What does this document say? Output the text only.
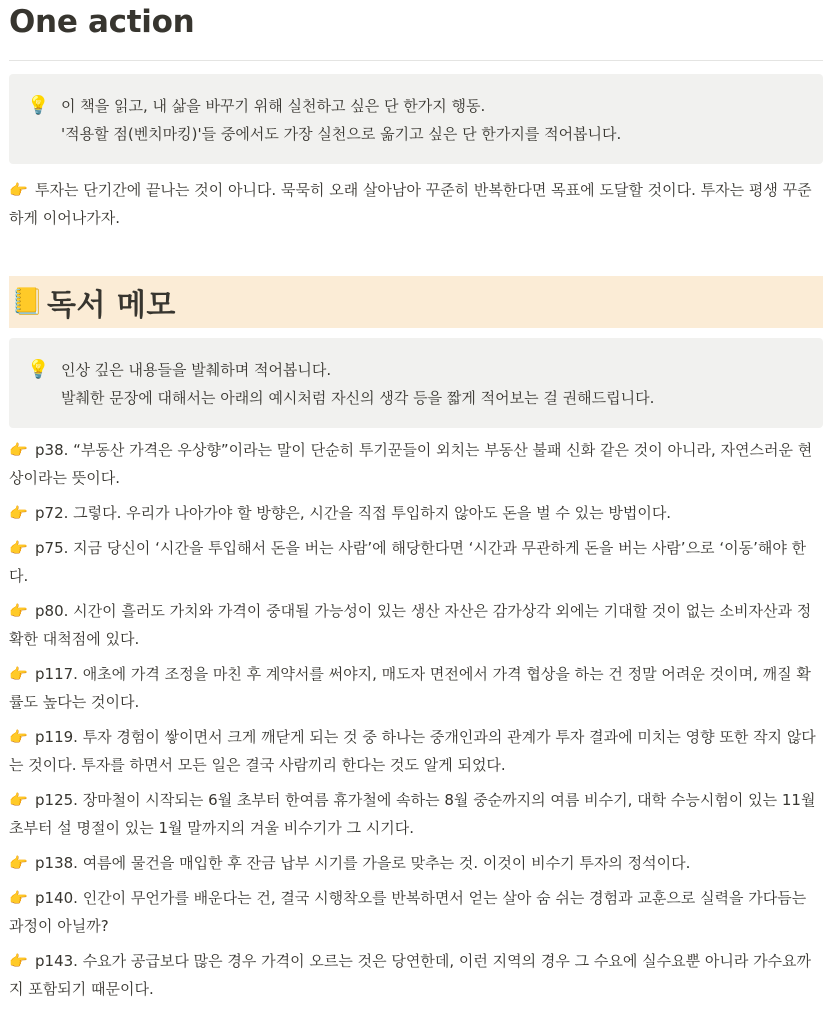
One action
💡 이 책을 읽고, 내 삶을 바꾸기 위해 실천하고 싶은 단 한가지 행동.
'적용할 점(벤치마킹)'들 중에서도 가장 실천으로 옮기고 싶은 단 한가지를 적어봅니다.
👉 투자는 단기간에 끝나는 것이 아니다. 묵묵히 오래 살아남아 꾸준히 반복한다면 목표에 도달할 것이다. 투자는 평생 꾸준하게 이어나가자.
📒 독서 메모
💡 인상 깊은 내용들을 발췌하며 적어봅니다.
발췌한 문장에 대해서는 아래의 예시처럼 자신의 생각 등을 짧게 적어보는 걸 권해드립니다.
👉 p38. “부동산 가격은 우상향”이라는 말이 단순히 투기꾼들이 외치는 부동산 불패 신화 같은 것이 아니라, 자연스러운 현상이라는 뜻이다.
👉 p72. 그렇다. 우리가 나아가야 할 방향은, 시간을 직접 투입하지 않아도 돈을 벌 수 있는 방법이다.
👉 p75. 지금 당신이 ‘시간을 투입해서 돈을 버는 사람’에 해당한다면 ‘시간과 무관하게 돈을 버는 사람’으로 ‘이동’해야 한다.
👉 p80. 시간이 흘러도 가치와 가격이 중대될 가능성이 있는 생산 자산은 감가상각 외에는 기대할 것이 없는 소비자산과 정확한 대척점에 있다.
👉 p117. 애초에 가격 조정을 마친 후 계약서를 써야지, 매도자 면전에서 가격 협상을 하는 건 정말 어려운 것이며, 깨질 확률도 높다는 것이다.
👉 p119. 투자 경험이 쌓이면서 크게 깨닫게 되는 것 중 하나는 중개인과의 관계가 투자 결과에 미치는 영향 또한 작지 않다는 것이다. 투자를 하면서 모든 일은 결국 사람끼리 한다는 것도 알게 되었다.
👉 p125. 장마철이 시작되는 6월 초부터 한여름 휴가철에 속하는 8월 중순까지의 여름 비수기, 대학 수능시험이 있는 11월 초부터 설 명절이 있는 1월 말까지의 겨울 비수기가 그 시기다.
👉 p138. 여름에 물건을 매입한 후 잔금 납부 시기를 가을로 맞추는 것. 이것이 비수기 투자의 정석이다.
👉 p140. 인간이 무언가를 배운다는 건, 결국 시행착오를 반복하면서 얻는 살아 숨 쉬는 경험과 교훈으로 실력을 가다듬는 과정이 아닐까?
👉 p143. 수요가 공급보다 많은 경우 가격이 오르는 것은 당연한데, 이런 지역의 경우 그 수요에 실수요뿐 아니라 가수요까지 포함되기 때문이다.
